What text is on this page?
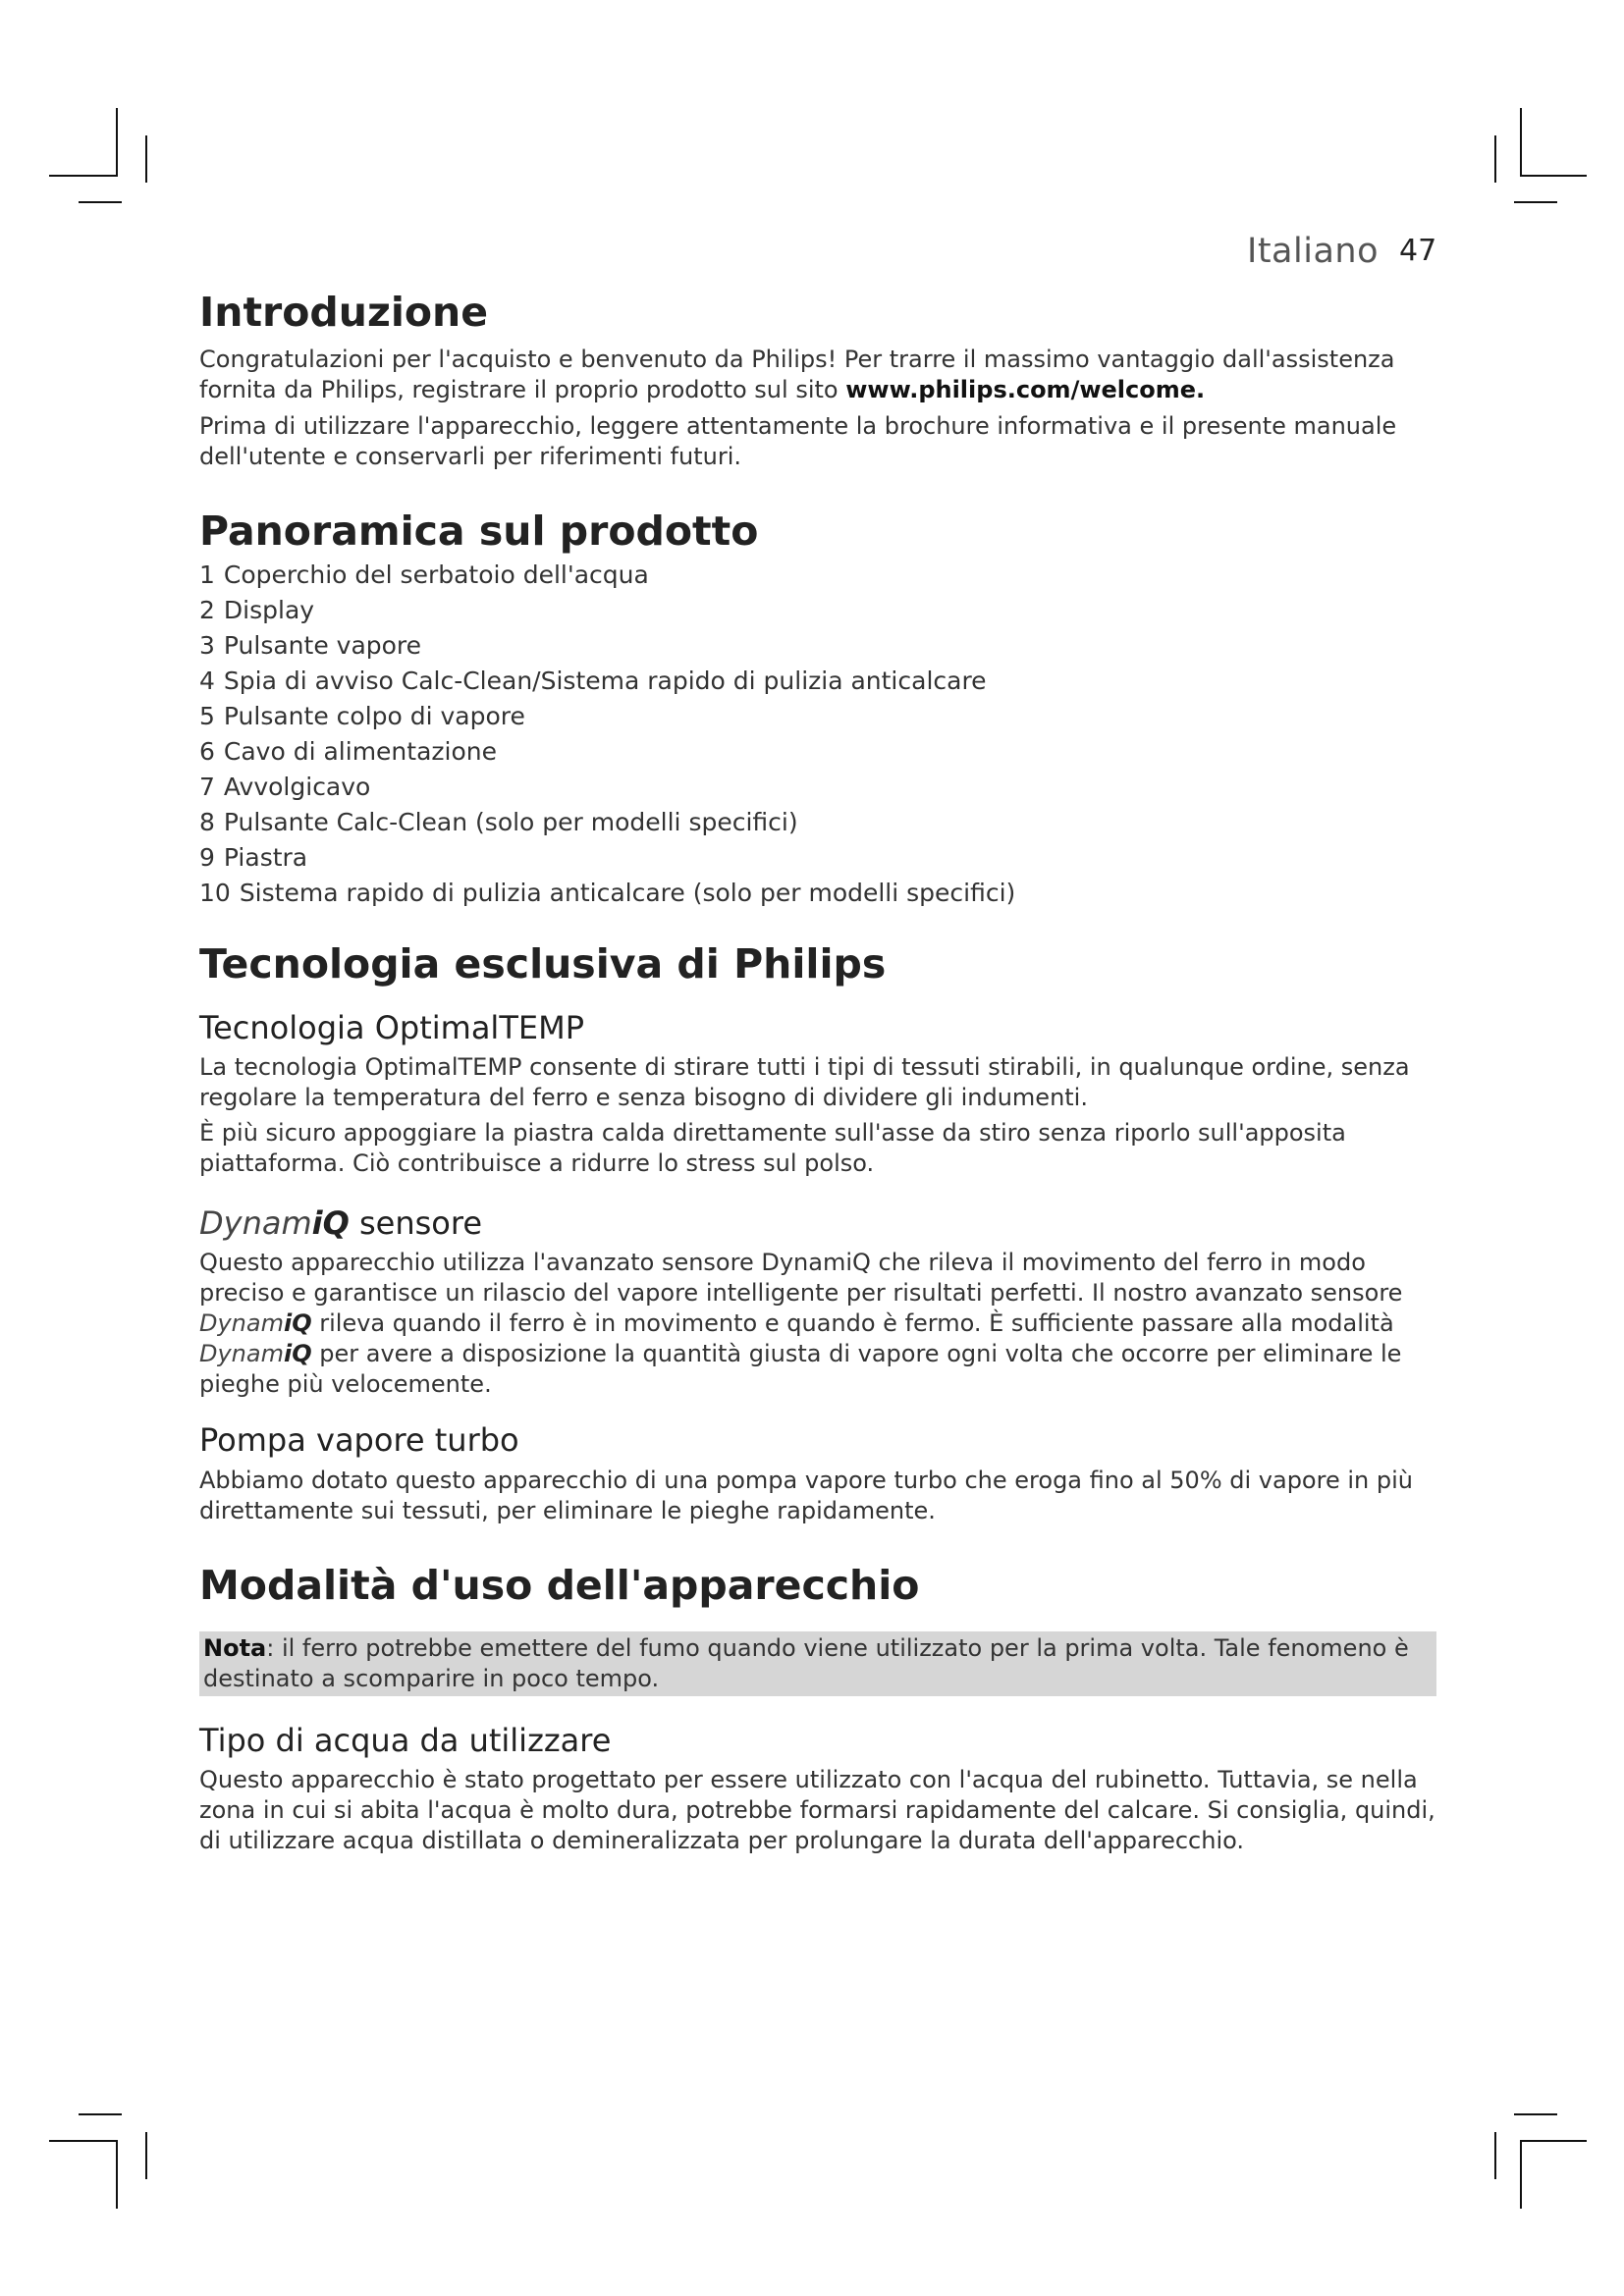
Italiano 47
Introduzione

Congratulazioni per l'acquisto e benvenuto da Philips! Per trarre il massimo vantaggio dall'assistenza fornita da Philips, registrare il proprio prodotto sul sito www.philips.com/welcome.

Prima di utilizzare l'apparecchio, leggere attentamente la brochure informativa e il presente manuale dell'utente e conservarli per riferimenti futuri.

Panoramica sul prodotto
1 Coperchio del serbatoio dell'acqua
2 Display
3 Pulsante vapore
4 Spia di avviso Calc-Clean/Sistema rapido di pulizia anticalcare
5 Pulsante colpo di vapore
6 Cavo di alimentazione
7 Avvolgicavo
8 Pulsante Calc-Clean (solo per modelli specifici)
9 Piastra
10 Sistema rapido di pulizia anticalcare (solo per modelli specifici)
Tecnologia esclusiva di Philips
Tecnologia OptimalTEMP

La tecnologia OptimalTEMP consente di stirare tutti i tipi di tessuti stirabili, in qualunque ordine, senza regolare la temperatura del ferro e senza bisogno di dividere gli indumenti.

È più sicuro appoggiare la piastra calda direttamente sull'asse da stiro senza riporlo sull'apposita piattaforma. Ciò contribuisce a ridurre lo stress sul polso.

DynamiQ sensore

Questo apparecchio utilizza l'avanzato sensore DynamiQ che rileva il movimento del ferro in modo preciso e garantisce un rilascio del vapore intelligente per risultati perfetti. Il nostro avanzato sensore DynamiQ rileva quando il ferro è in movimento e quando è fermo. È sufficiente passare alla modalità DynamiQ per avere a disposizione la quantità giusta di vapore ogni volta che occorre per eliminare le pieghe più velocemente.

Pompa vapore turbo

Abbiamo dotato questo apparecchio di una pompa vapore turbo che eroga fino al 50% di vapore in più direttamente sui tessuti, per eliminare le pieghe rapidamente.

Modalità d'uso dell'apparecchio

Nota: il ferro potrebbe emettere del fumo quando viene utilizzato per la prima volta. Tale fenomeno è destinato a scomparire in poco tempo.

Tipo di acqua da utilizzare

Questo apparecchio è stato progettato per essere utilizzato con l'acqua del rubinetto. Tuttavia, se nella zona in cui si abita l'acqua è molto dura, potrebbe formarsi rapidamente del calcare. Si consiglia, quindi, di utilizzare acqua distillata o demineralizzata per prolungare la durata dell'apparecchio.
